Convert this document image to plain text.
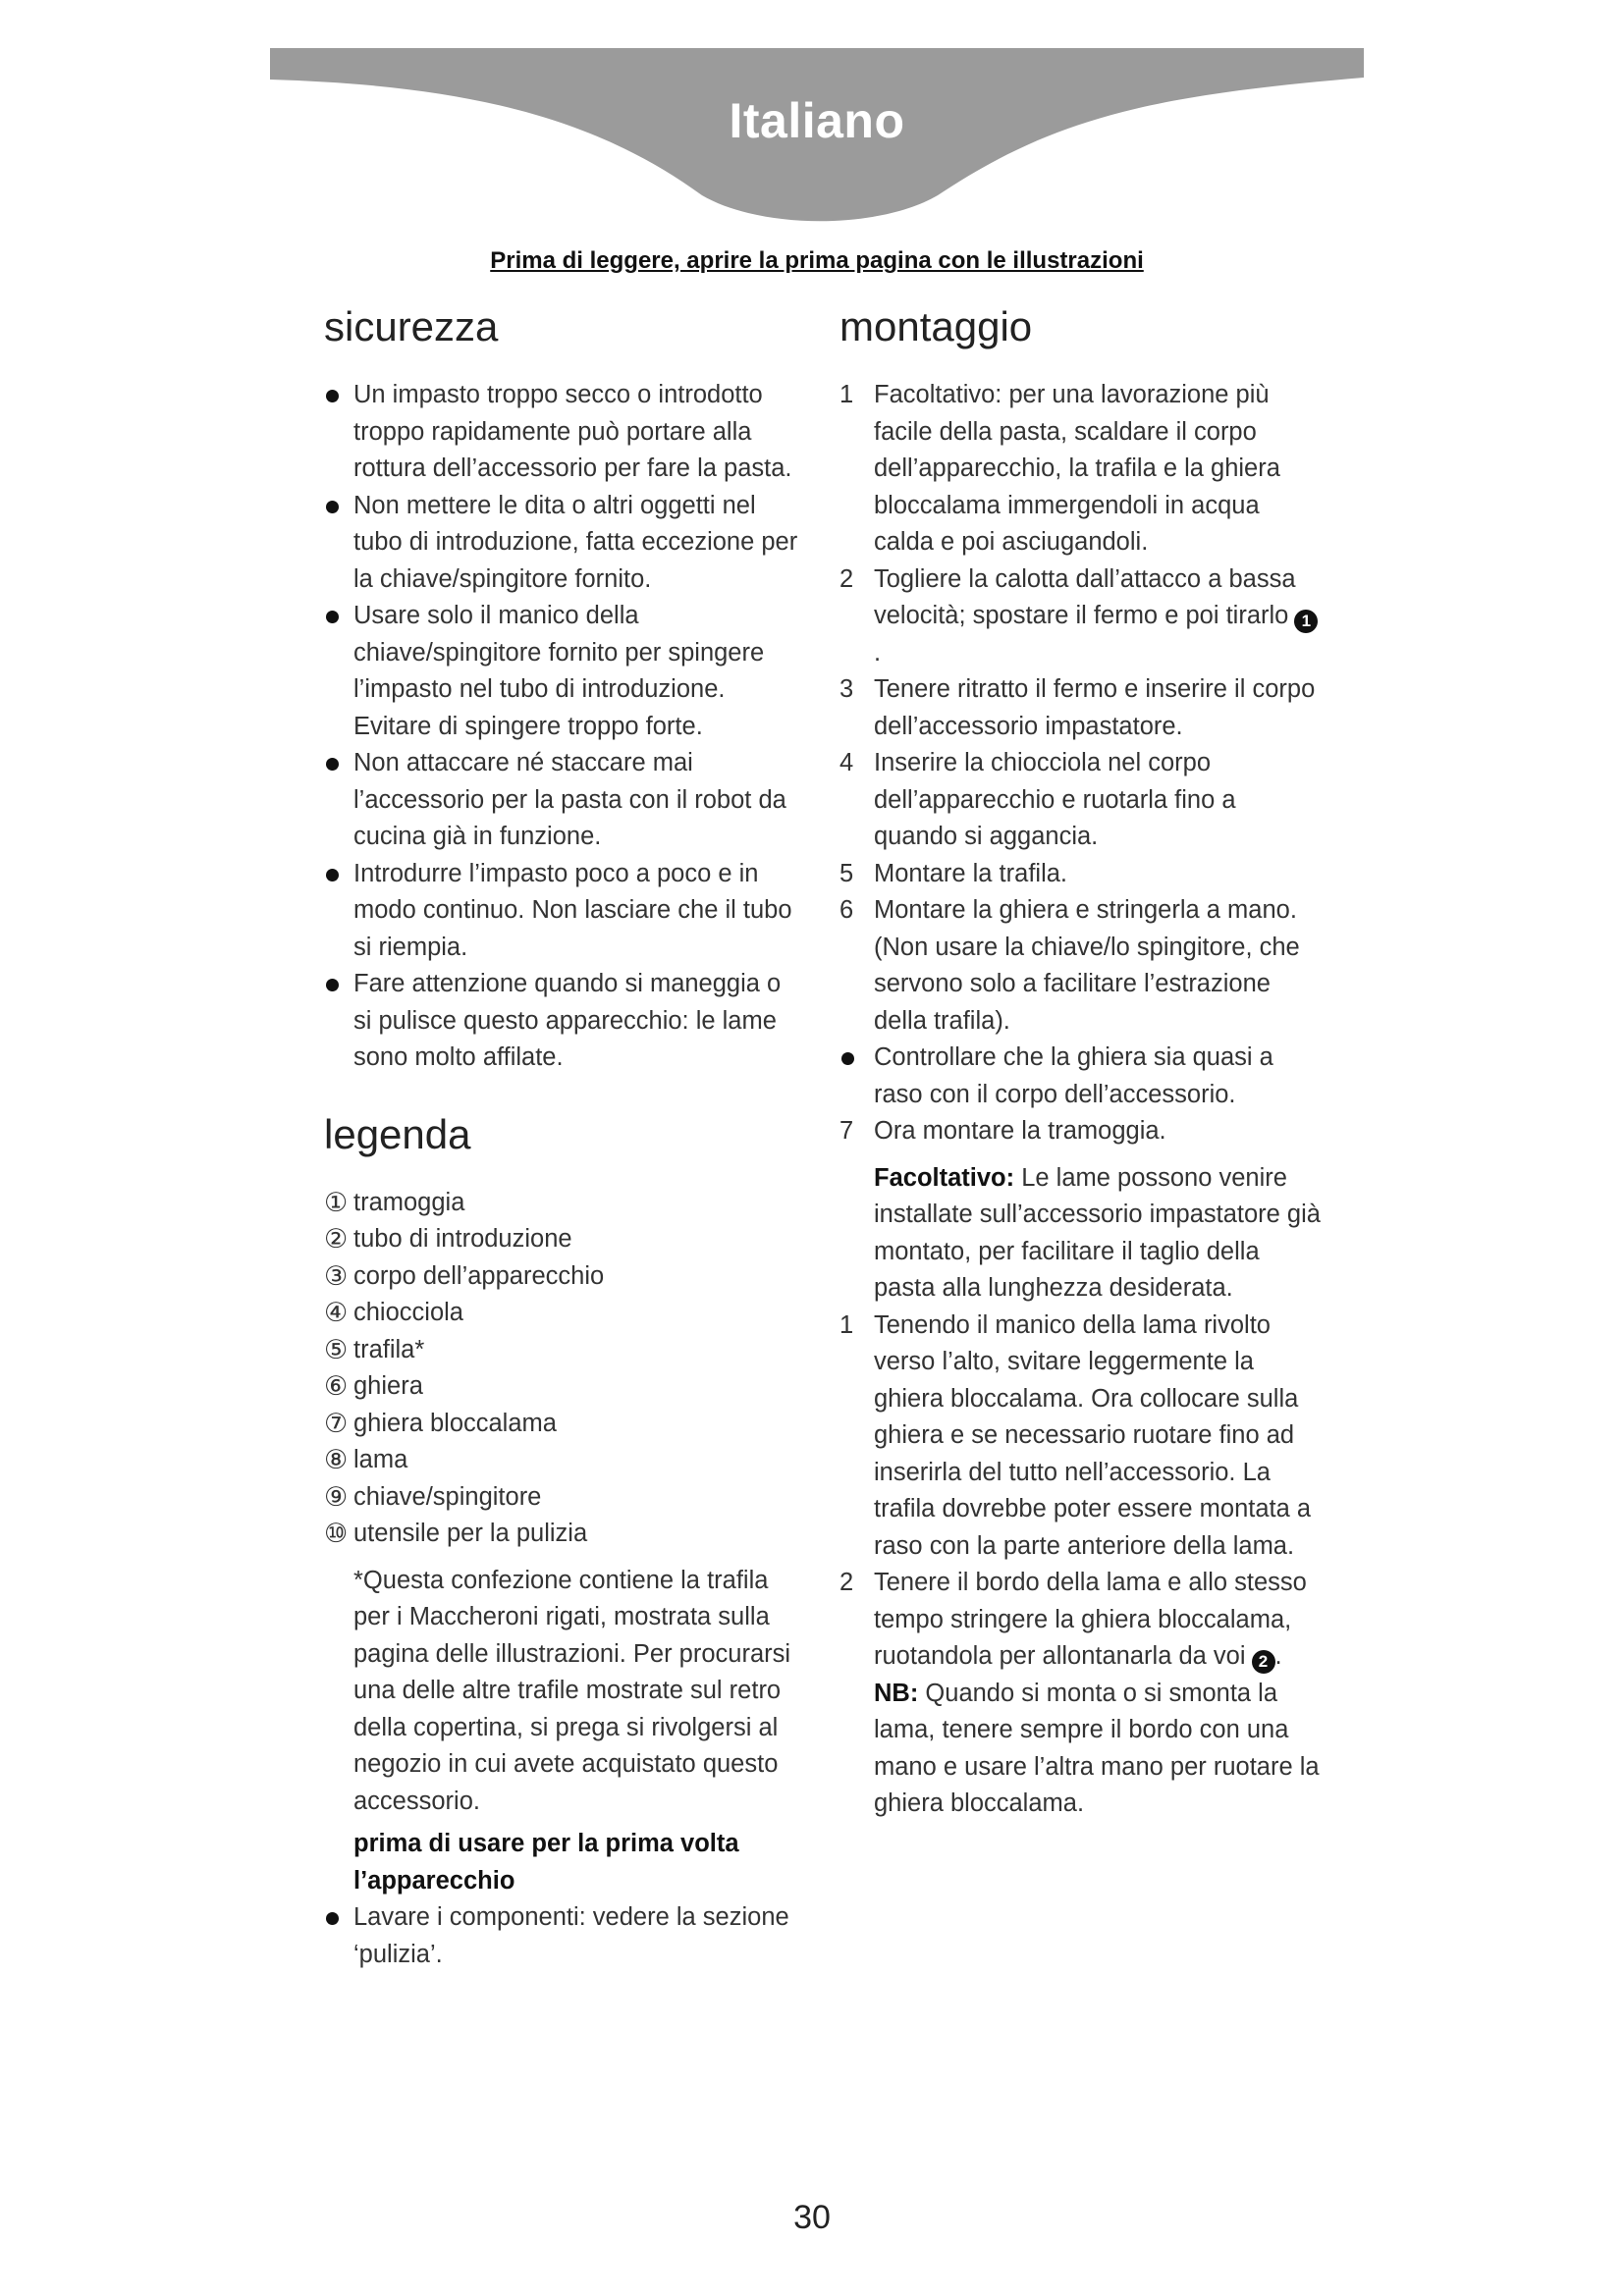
Italiano
Prima di leggere, aprire la prima pagina con le illustrazioni
sicurezza
Un impasto troppo secco o introdotto troppo rapidamente può portare alla rottura dell’accessorio per fare la pasta.
Non mettere le dita o altri oggetti nel tubo di introduzione, fatta eccezione per la chiave/spingitore fornito.
Usare solo il manico della chiave/spingitore fornito per spingere l’impasto nel tubo di introduzione. Evitare di spingere troppo forte.
Non attaccare né staccare mai l’accessorio per la pasta con il robot da cucina già in funzione.
Introdurre l’impasto poco a poco e in modo continuo. Non lasciare che il tubo si riempia.
Fare attenzione quando si maneggia o si pulisce questo apparecchio: le lame sono molto affilate.
legenda
① tramoggia
② tubo di introduzione
③ corpo dell’apparecchio
④ chiocciola
⑤ trafila*
⑥ ghiera
⑦ ghiera bloccalama
⑧ lama
⑨ chiave/spingitore
⑩ utensile per la pulizia
*Questa confezione contiene la trafila per i Maccheroni rigati, mostrata sulla pagina delle illustrazioni. Per procurarsi una delle altre trafile mostrate sul retro della copertina, si prega si rivolgersi al negozio in cui avete acquistato questo accessorio.
prima di usare per la prima volta l’apparecchio
Lavare i componenti: vedere la sezione ‘pulizia’.
montaggio
1 Facoltativo: per una lavorazione più facile della pasta, scaldare il corpo dell’apparecchio, la trafila e la ghiera bloccalama immergendoli in acqua calda e poi asciugandoli.
2 Togliere la calotta dall’attacco a bassa velocità; spostare il fermo e poi tirarlo 1.
3 Tenere ritratto il fermo e inserire il corpo dell’accessorio impastatore.
4 Inserire la chiocciola nel corpo dell’apparecchio e ruotarla fino a quando si aggancia.
5 Montare la trafila.
6 Montare la ghiera e stringerla a mano. (Non usare la chiave/lo spingitore, che servono solo a facilitare l’estrazione della trafila).
Controllare che la ghiera sia quasi a raso con il corpo dell’accessorio.
7 Ora montare la tramoggia.
Facoltativo: Le lame possono venire installate sull’accessorio impastatore già montato, per facilitare il taglio della pasta alla lunghezza desiderata.
1 Tenendo il manico della lama rivolto verso l’alto, svitare leggermente la ghiera bloccalama. Ora collocare sulla ghiera e se necessario ruotare fino ad inserirla del tutto nell’accessorio. La trafila dovrebbe poter essere montata a raso con la parte anteriore della lama.
2 Tenere il bordo della lama e allo stesso tempo stringere la ghiera bloccalama, ruotandola per allontanarla da voi 2 .
NB: Quando si monta o si smonta la lama, tenere sempre il bordo con una mano e usare l’altra mano per ruotare la ghiera bloccalama.
30
